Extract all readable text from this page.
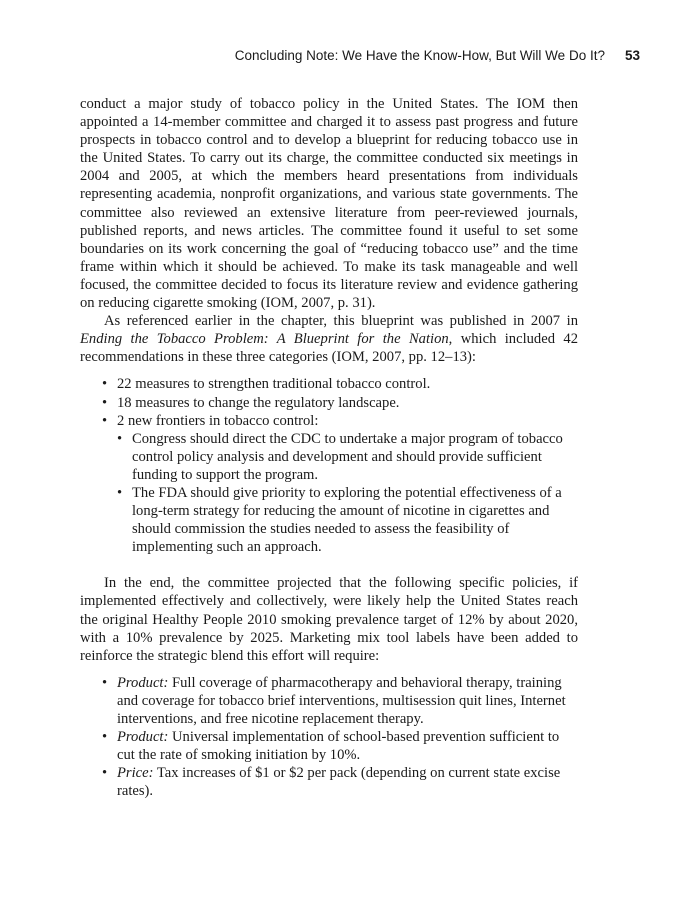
Concluding Note: We Have the Know-How, But Will We Do It? 53

conduct a major study of tobacco policy in the United States. The IOM then appointed a 14-member committee and charged it to assess past progress and future prospects in tobacco control and to develop a blueprint for reducing tobacco use in the United States. To carry out its charge, the committee conducted six meetings in 2004 and 2005, at which the members heard presentations from individuals representing academia, nonprofit organizations, and various state governments. The committee also reviewed an extensive literature from peer-reviewed journals, published reports, and news articles. The committee found it useful to set some boundaries on its work concerning the goal of “reducing tobacco use” and the time frame within which it should be achieved. To make its task manageable and well focused, the committee decided to focus its literature review and evidence gathering on reducing cigarette smoking (IOM, 2007, p. 31).

As referenced earlier in the chapter, this blueprint was published in 2007 in Ending the Tobacco Problem: A Blueprint for the Nation, which included 42 recommendations in these three categories (IOM, 2007, pp. 12–13):

• 22 measures to strengthen traditional tobacco control.
• 18 measures to change the regulatory landscape.
• 2 new frontiers in tobacco control:
• Congress should direct the CDC to undertake a major program of tobacco control policy analysis and development and should provide sufficient funding to support the program.
• The FDA should give priority to exploring the potential effectiveness of a long-term strategy for reducing the amount of nicotine in cigarettes and should commission the studies needed to assess the feasibility of implementing such an approach.

In the end, the committee projected that the following specific policies, if implemented effectively and collectively, were likely help the United States reach the original Healthy People 2010 smoking prevalence target of 12% by about 2020, with a 10% prevalence by 2025. Marketing mix tool labels have been added to reinforce the strategic blend this effort will require:

• Product: Full coverage of pharmacotherapy and behavioral therapy, training and coverage for tobacco brief interventions, multisession quit lines, Internet interventions, and free nicotine replacement therapy.
• Product: Universal implementation of school-based prevention sufficient to cut the rate of smoking initiation by 10%.
• Price: Tax increases of $1 or $2 per pack (depending on current state excise rates).
